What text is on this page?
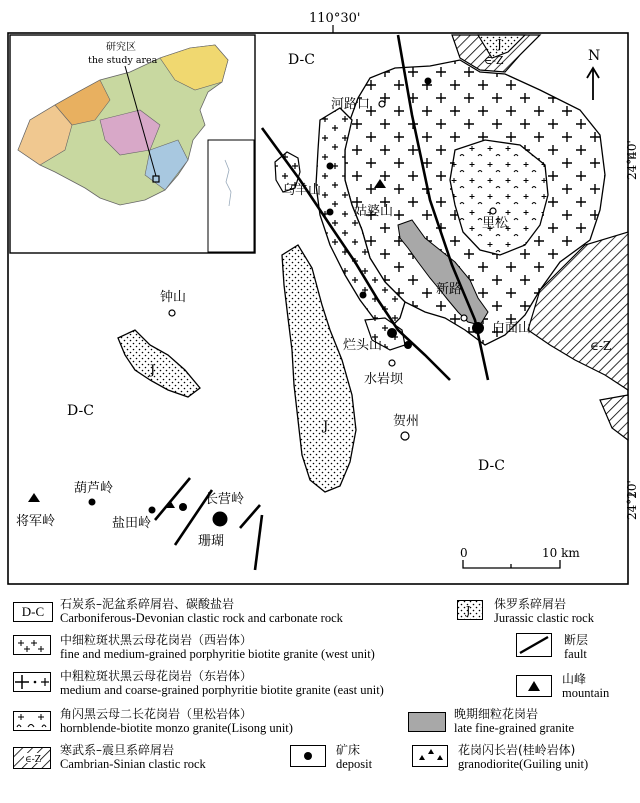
D-C
D-C
D-C
J
J
J
∈-Z
∈-Z
河路口
乌羊山
姑婆山
里松
新路
白面山
烂头山
水岩坝
钟山
贺州
葫芦岭
将军岭	盐田岭
长营岭
珊瑚
110°30'
24°40'
24°20'
N
0	10 km
研究区
the study area
D-C	石炭系–泥盆系碎屑岩、碳酸盐岩
Carboniferous-Devonian clastic rock and carbonate rock
J 侏罗系碎屑岩
Jurassic clastic rock
中细粒斑状黑云母花岗岩（西岩体）
fine and medium-grained porphyritie biotite granite (west unit)
断层
fault
中粗粒斑状黑云母花岗岩（东岩体）
medium and coarse-grained porphyritie biotite granite (east unit)
山峰
mountain
角闪黑云母二长花岗岩（里松岩体）
hornblende-biotite monzo granite(Lisong unit)
晚期细粒花岗岩
late fine-grained granite
∈-Z
寒武系–震旦系碎屑岩
Cambrian-Sinian clastic rock
矿床
deposit
花岗闪长岩(桂岭岩体)
granodiorite(Guiling unit)
